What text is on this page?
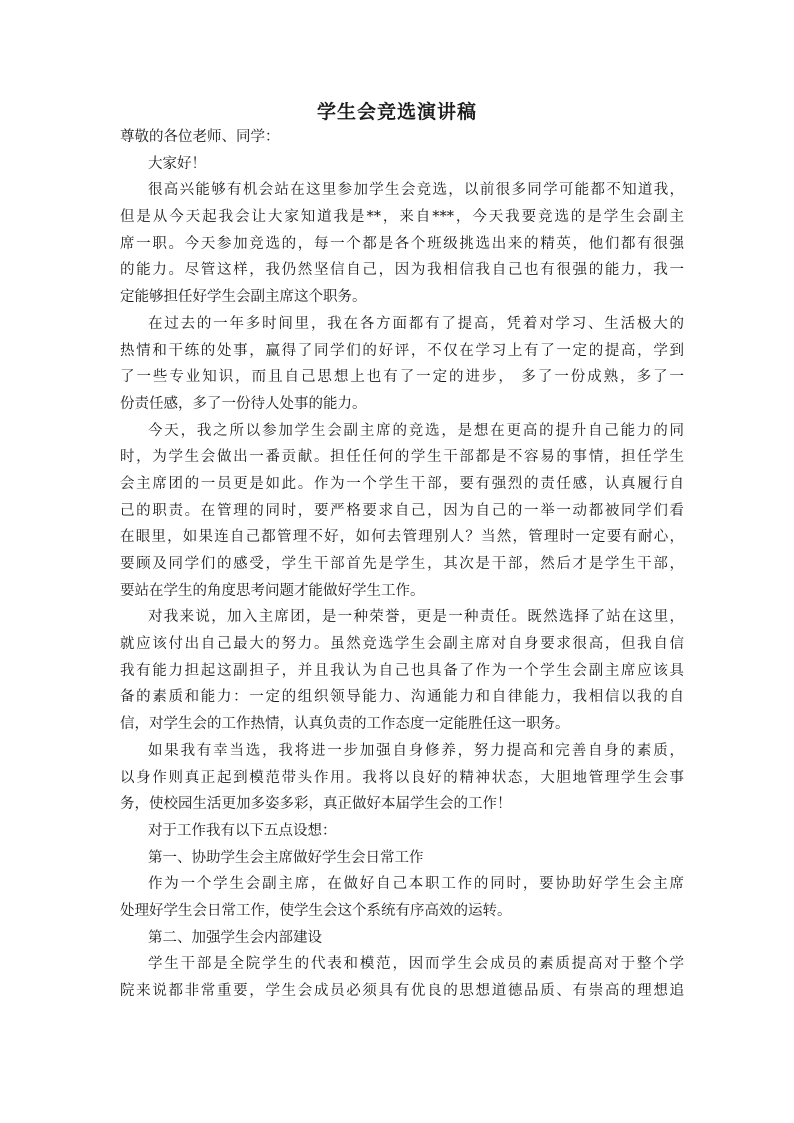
学生会竞选演讲稿
尊敬的各位老师、同学：
大家好！
很高兴能够有机会站在这里参加学生会竞选，以前很多同学可能都不知道我，
但是从今天起我会让大家知道我是**，来自***，今天我要竞选的是学生会副主
席一职。今天参加竞选的，每一个都是各个班级挑选出来的精英，他们都有很强
的能力。尽管这样，我仍然坚信自己，因为我相信我自己也有很强的能力，我一
定能够担任好学生会副主席这个职务。
在过去的一年多时间里，我在各方面都有了提高，凭着对学习、生活极大的
热情和干练的处事，赢得了同学们的好评，不仅在学习上有了一定的提高，学到
了一些专业知识，而且自己思想上也有了一定的进步， 多了一份成熟，多了一
份责任感，多了一份待人处事的能力。
今天，我之所以参加学生会副主席的竞选，是想在更高的提升自己能力的同
时，为学生会做出一番贡献。担任任何的学生干部都是不容易的事情，担任学生
会主席团的一员更是如此。作为一个学生干部，要有强烈的责任感，认真履行自
己的职责。在管理的同时，要严格要求自己，因为自己的一举一动都被同学们看
在眼里，如果连自己都管理不好，如何去管理别人？当然，管理时一定要有耐心，
要顾及同学们的感受，学生干部首先是学生，其次是干部，然后才是学生干部，
要站在学生的角度思考问题才能做好学生工作。
对我来说，加入主席团，是一种荣誉，更是一种责任。既然选择了站在这里，
就应该付出自己最大的努力。虽然竞选学生会副主席对自身要求很高，但我自信
我有能力担起这副担子，并且我认为自己也具备了作为一个学生会副主席应该具
备的素质和能力：一定的组织领导能力、沟通能力和自律能力，我相信以我的自
信，对学生会的工作热情，认真负责的工作态度一定能胜任这一职务。
如果我有幸当选，我将进一步加强自身修养，努力提高和完善自身的素质，
以身作则真正起到模范带头作用。我将以良好的精神状态，大胆地管理学生会事
务，使校园生活更加多姿多彩，真正做好本届学生会的工作！
对于工作我有以下五点设想：
第一、协助学生会主席做好学生会日常工作
作为一个学生会副主席，在做好自己本职工作的同时，要协助好学生会主席
处理好学生会日常工作，使学生会这个系统有序高效的运转。
第二、加强学生会内部建设
学生干部是全院学生的代表和模范，因而学生会成员的素质提高对于整个学
院来说都非常重要，学生会成员必须具有优良的思想道德品质、有崇高的理想追
